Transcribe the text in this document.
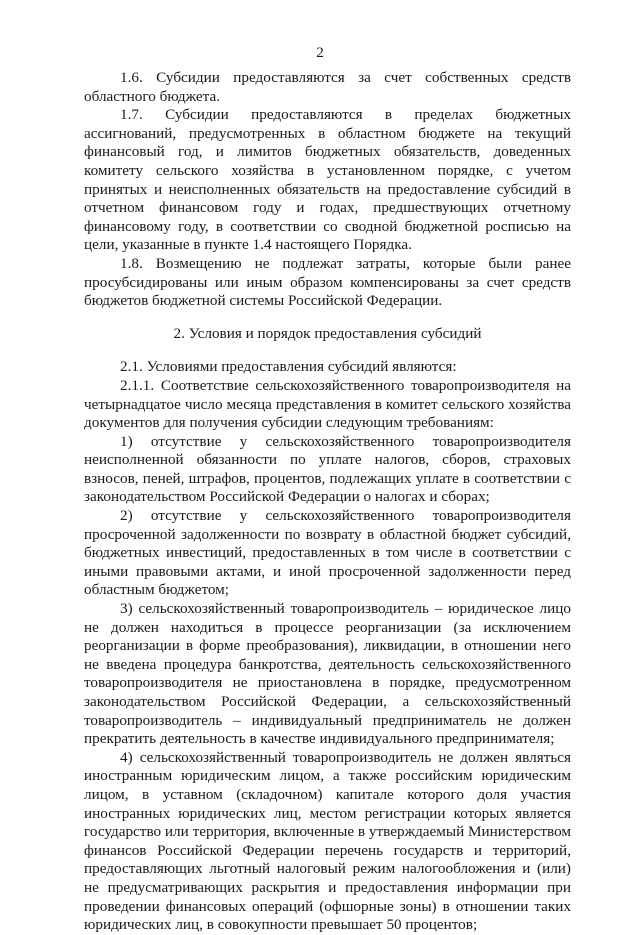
2

1.6. Субсидии предоставляются за счет собственных средств областного бюджета.

1.7. Субсидии предоставляются в пределах бюджетных ассигнований, предусмотренных в областном бюджете на текущий финансовый год, и лимитов бюджетных обязательств, доведенных комитету сельского хозяйства в установленном порядке, с учетом принятых и неисполненных обязательств на предоставление субсидий в отчетном финансовом году и годах, предшествующих отчетному финансовому году, в соответствии со сводной бюджетной росписью на цели, указанные в пункте 1.4 настоящего Порядка.

1.8. Возмещению не подлежат затраты, которые были ранее просубсидированы или иным образом компенсированы за счет средств бюджетов бюджетной системы Российской Федерации.

2. Условия и порядок предоставления субсидий

2.1. Условиями предоставления субсидий являются:

2.1.1. Соответствие сельскохозяйственного товаропроизводителя на четырнадцатое число месяца представления в комитет сельского хозяйства документов для получения субсидии следующим требованиям:

1) отсутствие у сельскохозяйственного товаропроизводителя неисполненной обязанности по уплате налогов, сборов, страховых взносов, пеней, штрафов, процентов, подлежащих уплате в соответствии с законодательством Российской Федерации о налогах и сборах;

2) отсутствие у сельскохозяйственного товаропроизводителя просроченной задолженности по возврату в областной бюджет субсидий, бюджетных инвестиций, предоставленных в том числе в соответствии с иными правовыми актами, и иной просроченной задолженности перед областным бюджетом;

3) сельскохозяйственный товаропроизводитель – юридическое лицо не должен находиться в процессе реорганизации (за исключением реорганизации в форме преобразования), ликвидации, в отношении него не введена процедура банкротства, деятельность сельскохозяйственного товаропроизводителя не приостановлена в порядке, предусмотренном законодательством Российской Федерации, а сельскохозяйственный товаропроизводитель – индивидуальный предприниматель не должен прекратить деятельность в качестве индивидуального предпринимателя;

4) сельскохозяйственный товаропроизводитель не должен являться иностранным юридическим лицом, а также российским юридическим лицом, в уставном (складочном) капитале которого доля участия иностранных юридических лиц, местом регистрации которых является государство или территория, включенные в утверждаемый Министерством финансов Российской Федерации перечень государств и территорий, предоставляющих льготный налоговый режим налогообложения и (или) не предусматривающих раскрытия и предоставления информации при проведении финансовых операций (офшорные зоны) в отношении таких юридических лиц, в совокупности превышает 50 процентов;
